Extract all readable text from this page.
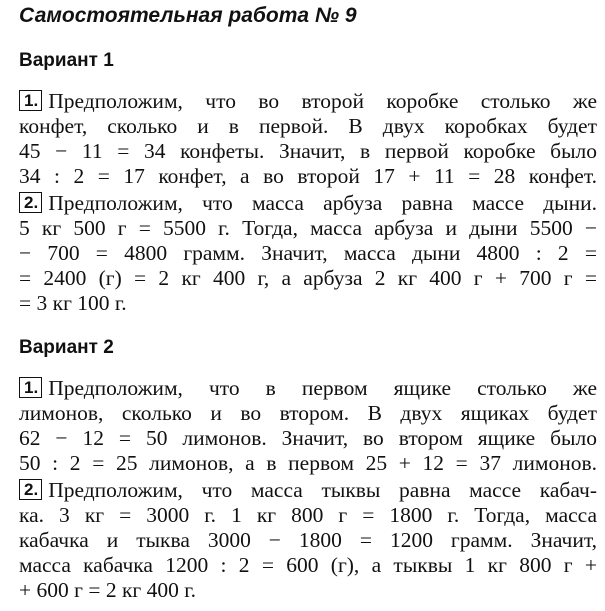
Самостоятельная работа № 9
Вариант 1
1. Предположим, что во второй коробке столько же
конфет, сколько и в первой. В двух коробках будет
45 − 11 = 34 конфеты. Значит, в первой коробке было
34 : 2 = 17 конфет, а во второй 17 + 11 = 28 конфет.
2. Предположим, что масса арбуза равна массе дыни.
5 кг 500 г = 5500 г. Тогда, масса арбуза и дыни 5500 −
− 700 = 4800 грамм. Значит, масса дыни 4800 : 2 =
= 2400 (г) = 2 кг 400 г, а арбуза 2 кг 400 г + 700 г =
= 3 кг 100 г.
Вариант 2
1. Предположим, что в первом ящике столько же
лимонов, сколько и во втором. В двух ящиках будет
62 − 12 = 50 лимонов. Значит, во втором ящике было
50 : 2 = 25 лимонов, а в первом 25 + 12 = 37 лимонов.
2. Предположим, что масса тыквы равна массе кабач-
ка. 3 кг = 3000 г. 1 кг 800 г = 1800 г. Тогда, масса
кабачка и тыква 3000 − 1800 = 1200 грамм. Значит,
масса кабачка 1200 : 2 = 600 (г), а тыквы 1 кг 800 г +
+ 600 г = 2 кг 400 г.
